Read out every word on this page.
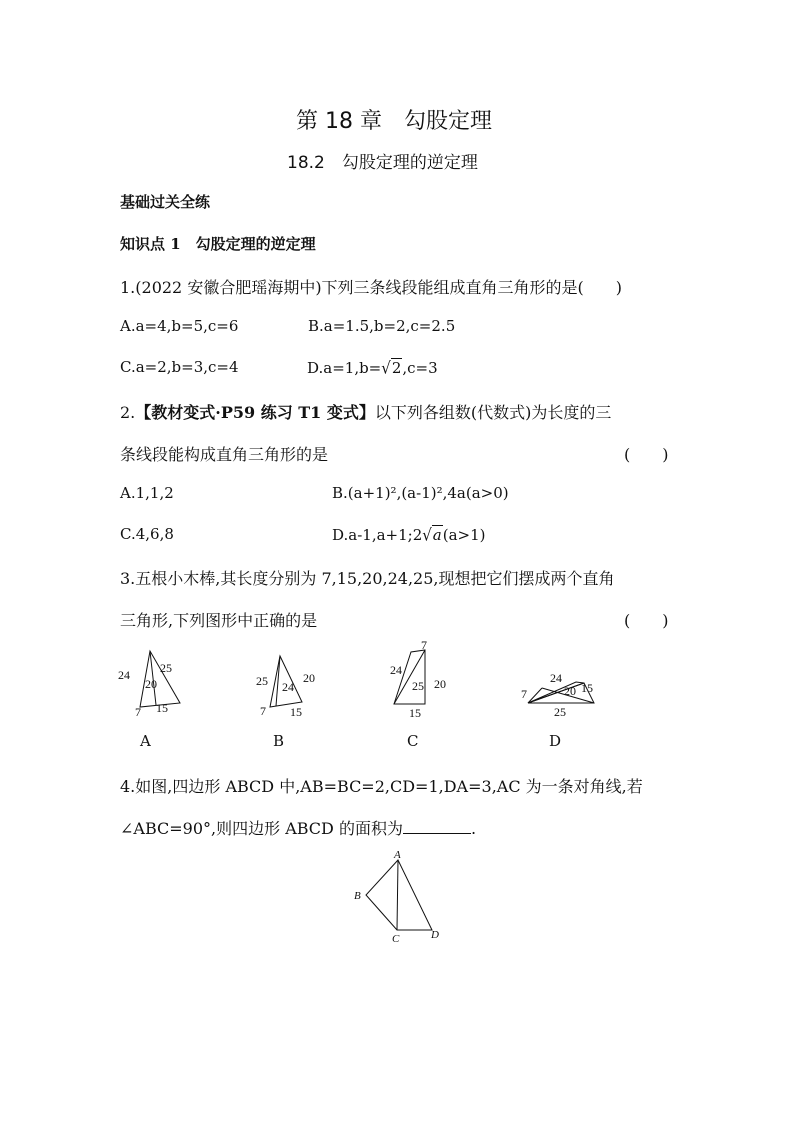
第 18 章　勾股定理
18.2　勾股定理的逆定理
基础过关全练
知识点 1　勾股定理的逆定理
1.(2022 安徽合肥瑶海期中)下列三条线段能组成直角三角形的是(　　)
A.a=4,b=5,c=6	B.a=1.5,b=2,c=2.5
C.a=2,b=3,c=4	D.a=1,b=√2,c=3
2.【教材变式·P59 练习 T1 变式】以下列各组数(代数式)为长度的三
条线段能构成直角三角形的是	(　　)
A.1,1,2	B.(a+1)²,(a-1)²,4a(a>0)
C.4,6,8	D.a-1,a+1;2√a(a>1)
3.五根小木棒,其长度分别为 7,15,20,24,25,现想把它们摆成两个直角
三角形,下列图形中正确的是	(　　)
24	25
20
7 15
A
25	20
24
7 15
B
7
24
25 20
15
C
24
7	20 15
25
D
4.如图,四边形 ABCD 中,AB=BC=2,CD=1,DA=3,AC 为一条对角线,若
∠ABC=90°,则四边形 ABCD 的面积为	.
A
B
C	D
